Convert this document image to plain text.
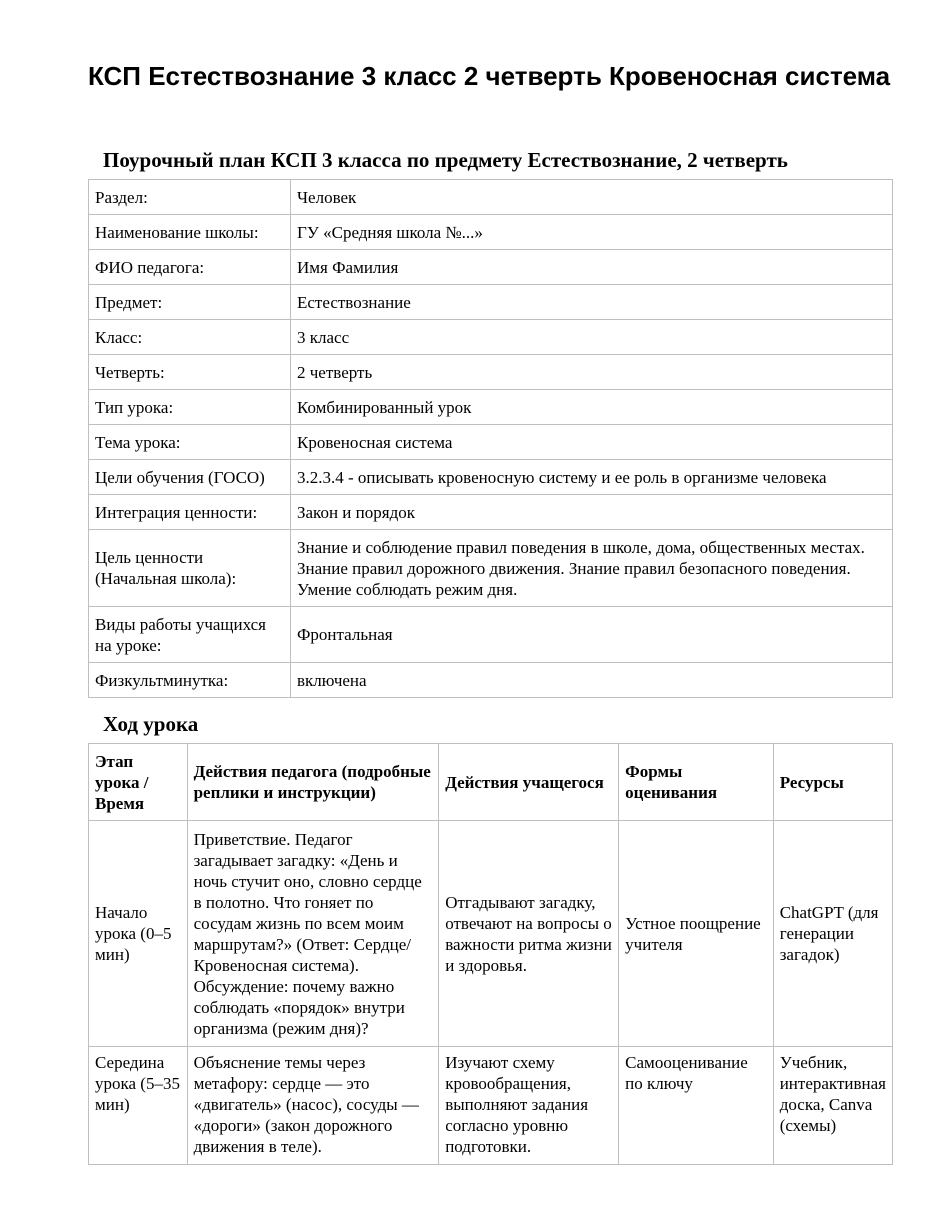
КСП Естествознание 3 класс 2 четверть Кровеносная система
Поурочный план КСП 3 класса по предмету Естествознание, 2 четверть
Раздел:	Человек
Наименование школы:	ГУ «Средняя школа №...»
ФИО педагога:	Имя Фамилия
Предмет:	Естествознание
Класс:	3 класс
Четверть:	2 четверть
Тип урока:	Комбинированный урок
Тема урока:	Кровеносная система
Цели обучения (ГОСО)	3.2.3.4 - описывать кровеносную систему и ее роль в организме человека
Интеграция ценности:	Закон и порядок
Цель ценности (Начальная школа):	Знание и соблюдение правил поведения в школе, дома, общественных местах. Знание правил дорожного движения. Знание правил безопасного поведения. Умение соблюдать режим дня.
Виды работы учащихся на уроке:	Фронтальная
Физкультминутка:	включена
Ход урока
Этап урока / Время	Действия педагога (подробные реплики и инструкции)	Действия учащегося	Формы оценивания	Ресурсы
Начало урока (0–5 мин)	Приветствие. Педагог загадывает загадку: «День и ночь стучит оно, словно сердце в полотно. Что гоняет по сосудам жизнь по всем моим маршрутам?» (Ответ: Сердце/Кровеносная система). Обсуждение: почему важно соблюдать «порядок» внутри организма (режим дня)?	Отгадывают загадку, отвечают на вопросы о важности ритма жизни и здоровья.	Устное поощрение учителя	ChatGPT (для генерации загадок)
Середина урока (5–35 мин)	Объяснение темы через метафору: сердце — это «двигатель» (насос), сосуды — «дороги» (закон дорожного движения в теле).	Изучают схему кровообращения, выполняют задания согласно уровню подготовки.	Самооценивание по ключу	Учебник, интерактивная доска, Canva (схемы)
